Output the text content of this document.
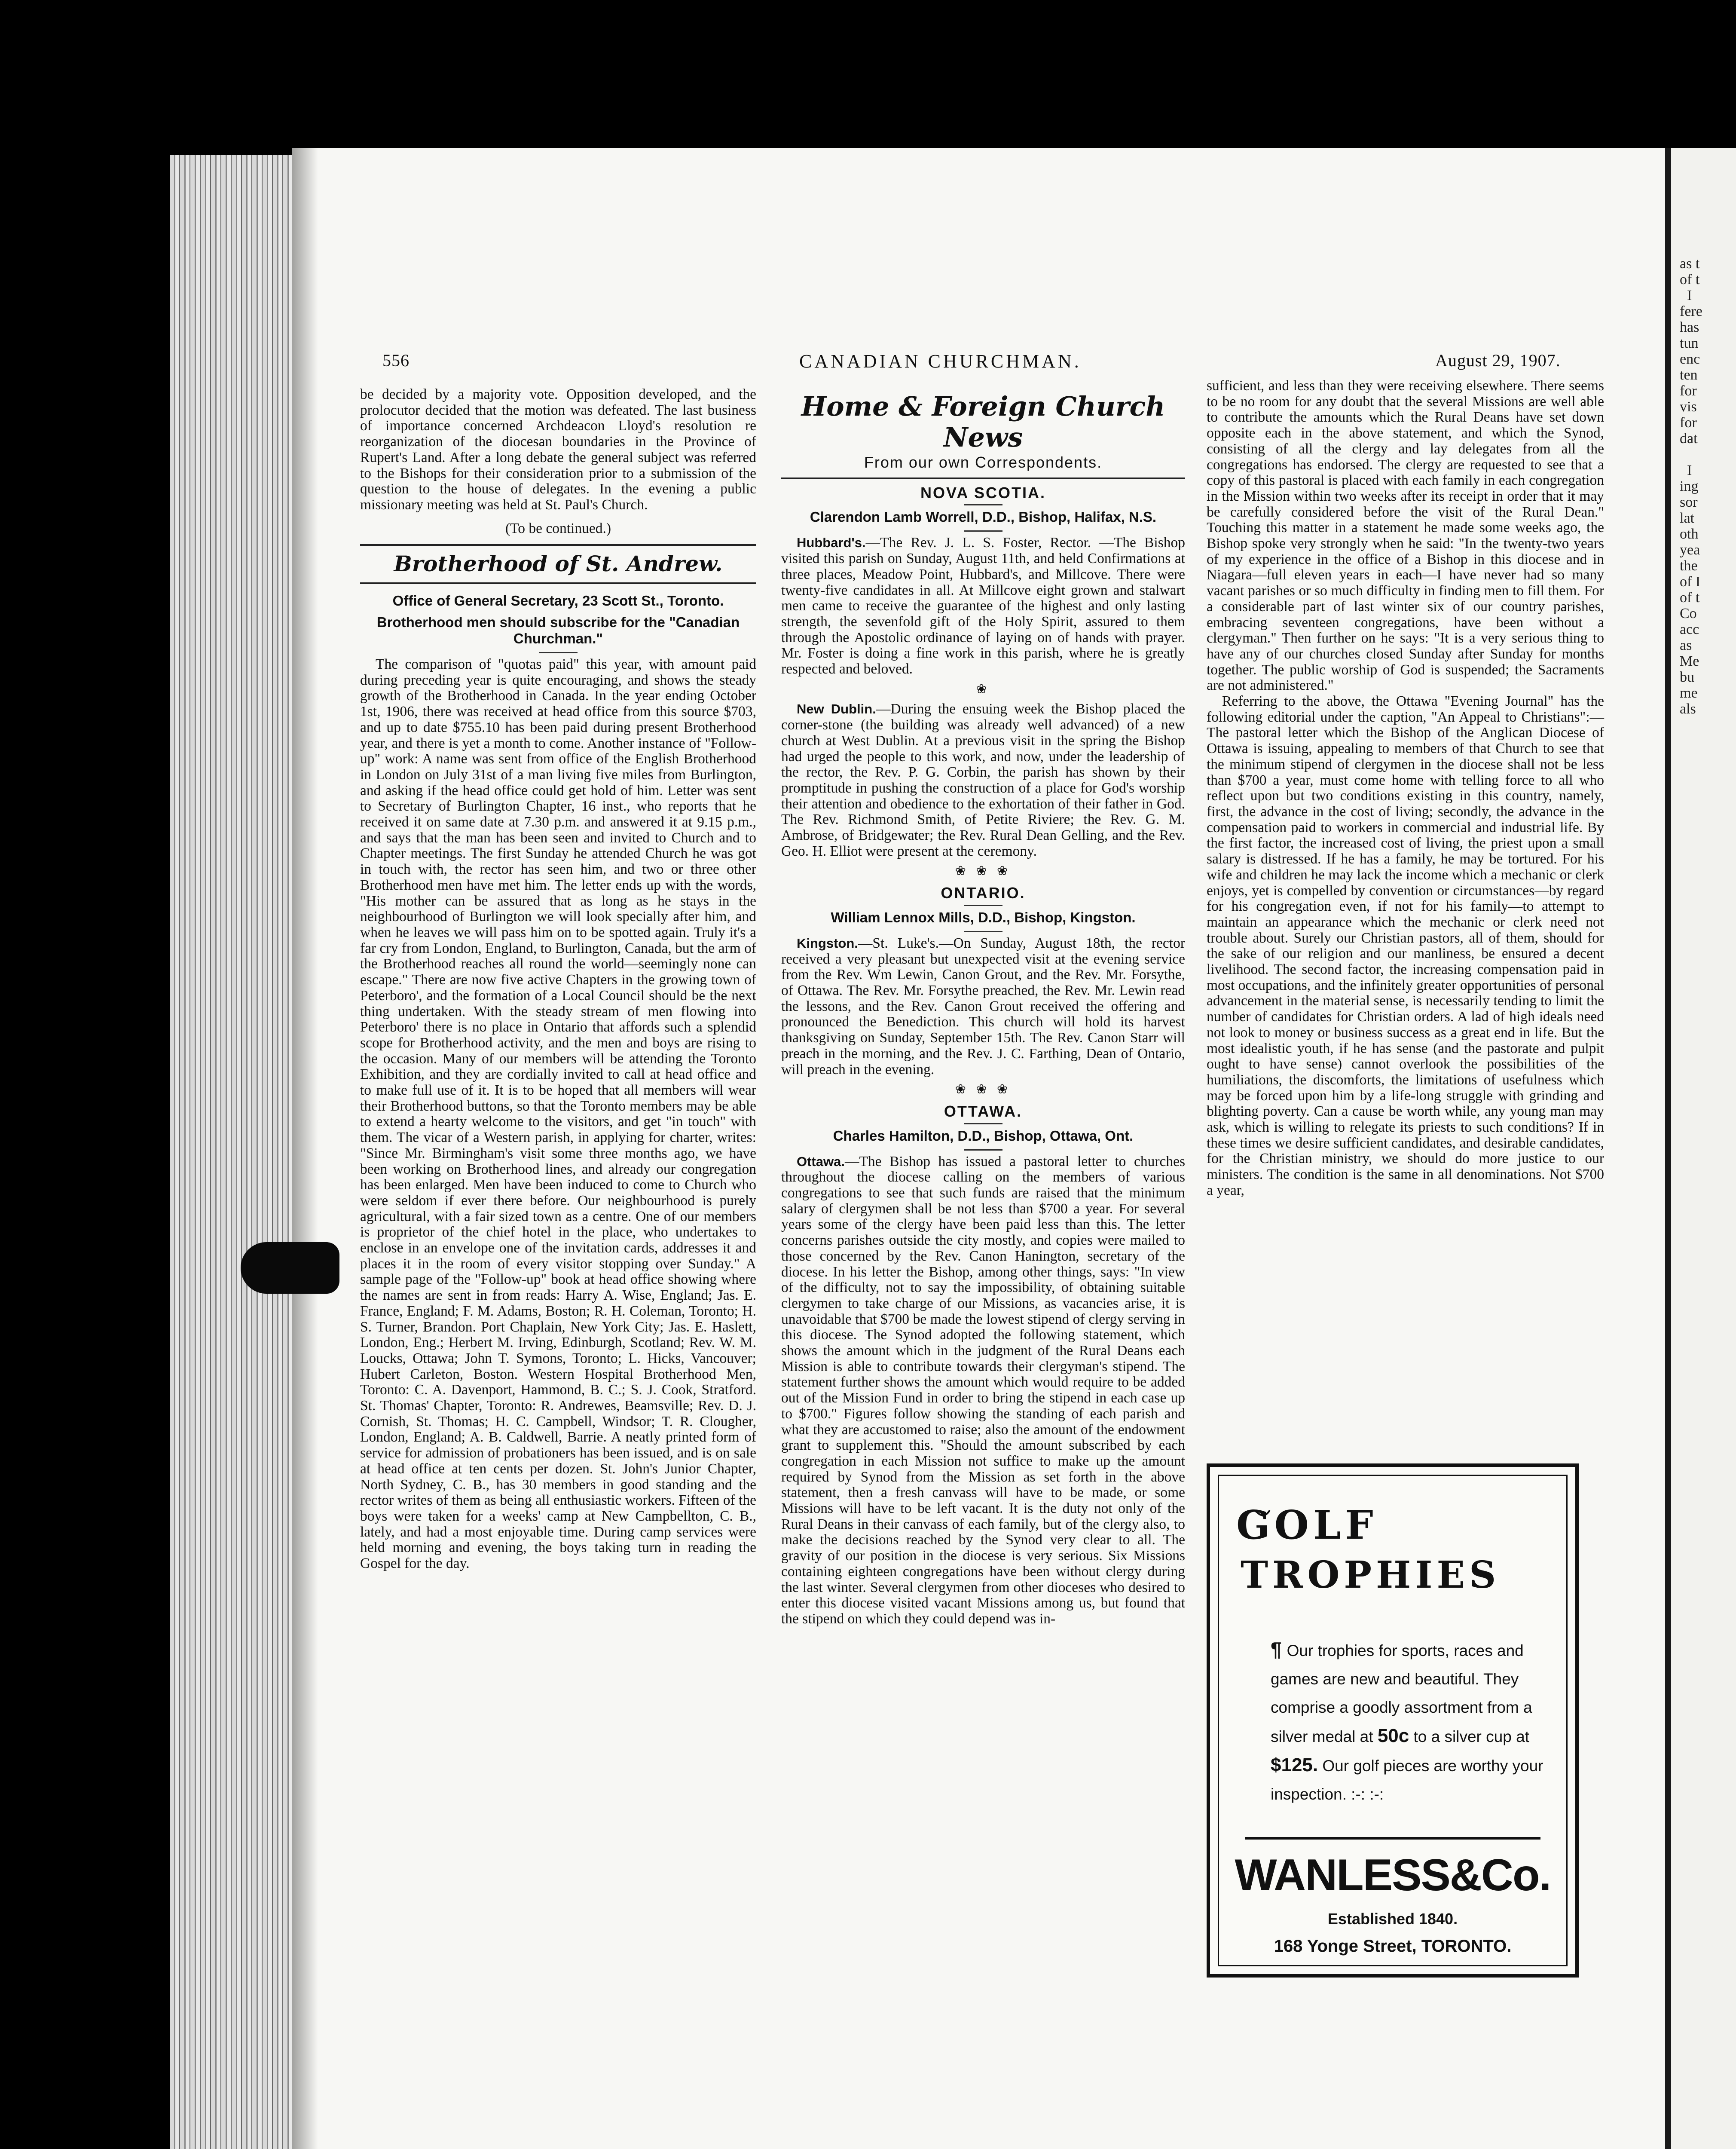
556	CANADIAN CHURCHMAN.	August 29, 1907.

be decided by a majority vote. Opposition developed, and the prolocutor decided that the motion was defeated. The last business of importance concerned Archdeacon Lloyd's resolution re reorganization of the diocesan boundaries in the Province of Rupert's Land. After a long debate the general subject was referred to the Bishops for their consideration prior to a submission of the question to the house of delegates. In the evening a public missionary meeting was held at St. Paul's Church.

(To be continued.)

Brotherhood of St. Andrew.
Office of General Secretary, 23 Scott St., Toronto.
Brotherhood men should subscribe for the "Canadian Churchman."

The comparison of "quotas paid" this year, with amount paid during preceding year is quite encouraging, and shows the steady growth of the Brotherhood in Canada. In the year ending October 1st, 1906, there was received at head office from this source $703, and up to date $755.10 has been paid during present Brotherhood year, and there is yet a month to come. Another instance of "Follow-up" work: A name was sent from office of the English Brotherhood in London on July 31st of a man living five miles from Burlington, and asking if the head office could get hold of him. Letter was sent to Secretary of Burlington Chapter, 16 inst., who reports that he received it on same date at 7.30 p.m. and answered it at 9.15 p.m., and says that the man has been seen and invited to Church and to Chapter meetings. The first Sunday he attended Church he was got in touch with, the rector has seen him, and two or three other Brotherhood men have met him. The letter ends up with the words, "His mother can be assured that as long as he stays in the neighbourhood of Burlington we will look specially after him, and when he leaves we will pass him on to be spotted again. Truly it's a far cry from London, England, to Burlington, Canada, but the arm of the Brotherhood reaches all round the world—seemingly none can escape." There are now five active Chapters in the growing town of Peterboro', and the formation of a Local Council should be the next thing undertaken. With the steady stream of men flowing into Peterboro' there is no place in Ontario that affords such a splendid scope for Brotherhood activity, and the men and boys are rising to the occasion. Many of our members will be attending the Toronto Exhibition, and they are cordially invited to call at head office and to make full use of it. It is to be hoped that all members will wear their Brotherhood buttons, so that the Toronto members may be able to extend a hearty welcome to the visitors, and get "in touch" with them. The vicar of a Western parish, in applying for charter, writes: "Since Mr. Birmingham's visit some three months ago, we have been working on Brotherhood lines, and already our congregation has been enlarged. Men have been induced to come to Church who were seldom if ever there before. Our neighbourhood is purely agricultural, with a fair sized town as a centre. One of our members is proprietor of the chief hotel in the place, who undertakes to enclose in an envelope one of the invitation cards, addresses it and places it in the room of every visitor stopping over Sunday." A sample page of the "Follow-up" book at head office showing where the names are sent in from reads: Harry A. Wise, England; Jas. E. France, England; F. M. Adams, Boston; R. H. Coleman, Toronto; H. S. Turner, Brandon. Port Chaplain, New York City; Jas. E. Haslett, London, Eng.; Herbert M. Irving, Edinburgh, Scotland; Rev. W. M. Loucks, Ottawa; John T. Symons, Toronto; L. Hicks, Vancouver; Hubert Carleton, Boston. Western Hospital Brotherhood Men, Toronto: C. A. Davenport, Hammond, B. C.; S. J. Cook, Stratford. St. Thomas' Chapter, Toronto: R. Andrewes, Beamsville; Rev. D. J. Cornish, St. Thomas; H. C. Campbell, Windsor; T. R. Clougher, London, England; A. B. Caldwell, Barrie. A neatly printed form of service for admission of probationers has been issued, and is on sale at head office at ten cents per dozen. St. John's Junior Chapter, North Sydney, C. B., has 30 members in good standing and the rector writes of them as being all enthusiastic workers. Fifteen of the boys were taken for a weeks' camp at New Campbellton, C. B., lately, and had a most enjoyable time. During camp services were held morning and evening, the boys taking turn in reading the Gospel for the day.

Home & Foreign Church News
From our own Correspondents.
NOVA SCOTIA.
Clarendon Lamb Worrell, D.D., Bishop, Halifax, N.S.

Hubbard's.—The Rev. J. L. S. Foster, Rector. —The Bishop visited this parish on Sunday, August 11th, and held Confirmations at three places, Meadow Point, Hubbard's, and Millcove. There were twenty-five candidates in all. At Millcove eight grown and stalwart men came to receive the guarantee of the highest and only lasting strength, the sevenfold gift of the Holy Spirit, assured to them through the Apostolic ordinance of laying on of hands with prayer. Mr. Foster is doing a fine work in this parish, where he is greatly respected and beloved.

❀

New Dublin.—During the ensuing week the Bishop placed the corner-stone (the building was already well advanced) of a new church at West Dublin. At a previous visit in the spring the Bishop had urged the people to this work, and now, under the leadership of the rector, the Rev. P. G. Corbin, the parish has shown by their promptitude in pushing the construction of a place for God's worship their attention and obedience to the exhortation of their father in God. The Rev. Richmond Smith, of Petite Riviere; the Rev. G. M. Ambrose, of Bridgewater; the Rev. Rural Dean Gelling, and the Rev. Geo. H. Elliot were present at the ceremony.

❀ ❀ ❀
ONTARIO.
William Lennox Mills, D.D., Bishop, Kingston.

Kingston.—St. Luke's.—On Sunday, August 18th, the rector received a very pleasant but unexpected visit at the evening service from the Rev. Wm Lewin, Canon Grout, and the Rev. Mr. Forsythe, of Ottawa. The Rev. Mr. Forsythe preached, the Rev. Mr. Lewin read the lessons, and the Rev. Canon Grout received the offering and pronounced the Benediction. This church will hold its harvest thanksgiving on Sunday, September 15th. The Rev. Canon Starr will preach in the morning, and the Rev. J. C. Farthing, Dean of Ontario, will preach in the evening.

❀ ❀ ❀
OTTAWA.
Charles Hamilton, D.D., Bishop, Ottawa, Ont.

Ottawa.—The Bishop has issued a pastoral letter to churches throughout the diocese calling on the members of various congregations to see that such funds are raised that the minimum salary of clergymen shall be not less than $700 a year. For several years some of the clergy have been paid less than this. The letter concerns parishes outside the city mostly, and copies were mailed to those concerned by the Rev. Canon Hanington, secretary of the diocese. In his letter the Bishop, among other things, says: "In view of the difficulty, not to say the impossibility, of obtaining suitable clergymen to take charge of our Missions, as vacancies arise, it is unavoidable that $700 be made the lowest stipend of clergy serving in this diocese. The Synod adopted the following statement, which shows the amount which in the judgment of the Rural Deans each Mission is able to contribute towards their clergyman's stipend. The statement further shows the amount which would require to be added out of the Mission Fund in order to bring the stipend in each case up to $700." Figures follow showing the standing of each parish and what they are accustomed to raise; also the amount of the endowment grant to supplement this. "Should the amount subscribed by each congregation in each Mission not suffice to make up the amount required by Synod from the Mission as set forth in the above statement, then a fresh canvass will have to be made, or some Missions will have to be left vacant. It is the duty not only of the Rural Deans in their canvass of each family, but of the clergy also, to make the decisions reached by the Synod very clear to all. The gravity of our position in the diocese is very serious. Six Missions containing eighteen congregations have been without clergy during the last winter. Several clergymen from other dioceses who desired to enter this diocese visited vacant Missions among us, but found that the stipend on which they could depend was in-

sufficient, and less than they were receiving elsewhere. There seems to be no room for any doubt that the several Missions are well able to contribute the amounts which the Rural Deans have set down opposite each in the above statement, and which the Synod, consisting of all the clergy and lay delegates from all the congregations has endorsed. The clergy are requested to see that a copy of this pastoral is placed with each family in each congregation in the Mission within two weeks after its receipt in order that it may be carefully considered before the visit of the Rural Dean." Touching this matter in a statement he made some weeks ago, the Bishop spoke very strongly when he said: "In the twenty-two years of my experience in the office of a Bishop in this diocese and in Niagara—full eleven years in each—I have never had so many vacant parishes or so much difficulty in finding men to fill them. For a considerable part of last winter six of our country parishes, embracing seventeen congregations, have been without a clergyman." Then further on he says: "It is a very serious thing to have any of our churches closed Sunday after Sunday for months together. The public worship of God is suspended; the Sacraments are not administered."

Referring to the above, the Ottawa "Evening Journal" has the following editorial under the caption, "An Appeal to Christians":—The pastoral letter which the Bishop of the Anglican Diocese of Ottawa is issuing, appealing to members of that Church to see that the minimum stipend of clergymen in the diocese shall not be less than $700 a year, must come home with telling force to all who reflect upon but two conditions existing in this country, namely, first, the advance in the cost of living; secondly, the advance in the compensation paid to workers in commercial and industrial life. By the first factor, the increased cost of living, the priest upon a small salary is distressed. If he has a family, he may be tortured. For his wife and children he may lack the income which a mechanic or clerk enjoys, yet is compelled by convention or circumstances—by regard for his congregation even, if not for his family—to attempt to maintain an appearance which the mechanic or clerk need not trouble about. Surely our Christian pastors, all of them, should for the sake of our religion and our manliness, be ensured a decent livelihood. The second factor, the increasing compensation paid in most occupations, and the infinitely greater opportunities of personal advancement in the material sense, is necessarily tending to limit the number of candidates for Christian orders. A lad of high ideals need not look to money or business success as a great end in life. But the most idealistic youth, if he has sense (and the pastorate and pulpit ought to have sense) cannot overlook the possibilities of the humiliations, the discomforts, the limitations of usefulness which may be forced upon him by a life-long struggle with grinding and blighting poverty. Can a cause be worth while, any young man may ask, which is willing to relegate its priests to such conditions? If in these times we desire sufficient candidates, and desirable candidates, for the Christian ministry, we should do more justice to our ministers. The condition is the same in all denominations. Not $700 a year,

GOLF
TROPHIES
¶ Our trophies for sports, races and games are new and beautiful. They comprise a goodly assortment from a silver medal at 50c to a silver cup at $125. Our golf pieces are worthy your inspection. :-: :-:
WANLESS&Co.
Established 1840.
168 Yonge Street, TORONTO.
as t
of t
I
fere
has
tun
enc
ten
for
vis
for
dat

I
ing
sor
lat
oth
yea
the
of I
of t
Co
acc
as
Me
bu
me
als
